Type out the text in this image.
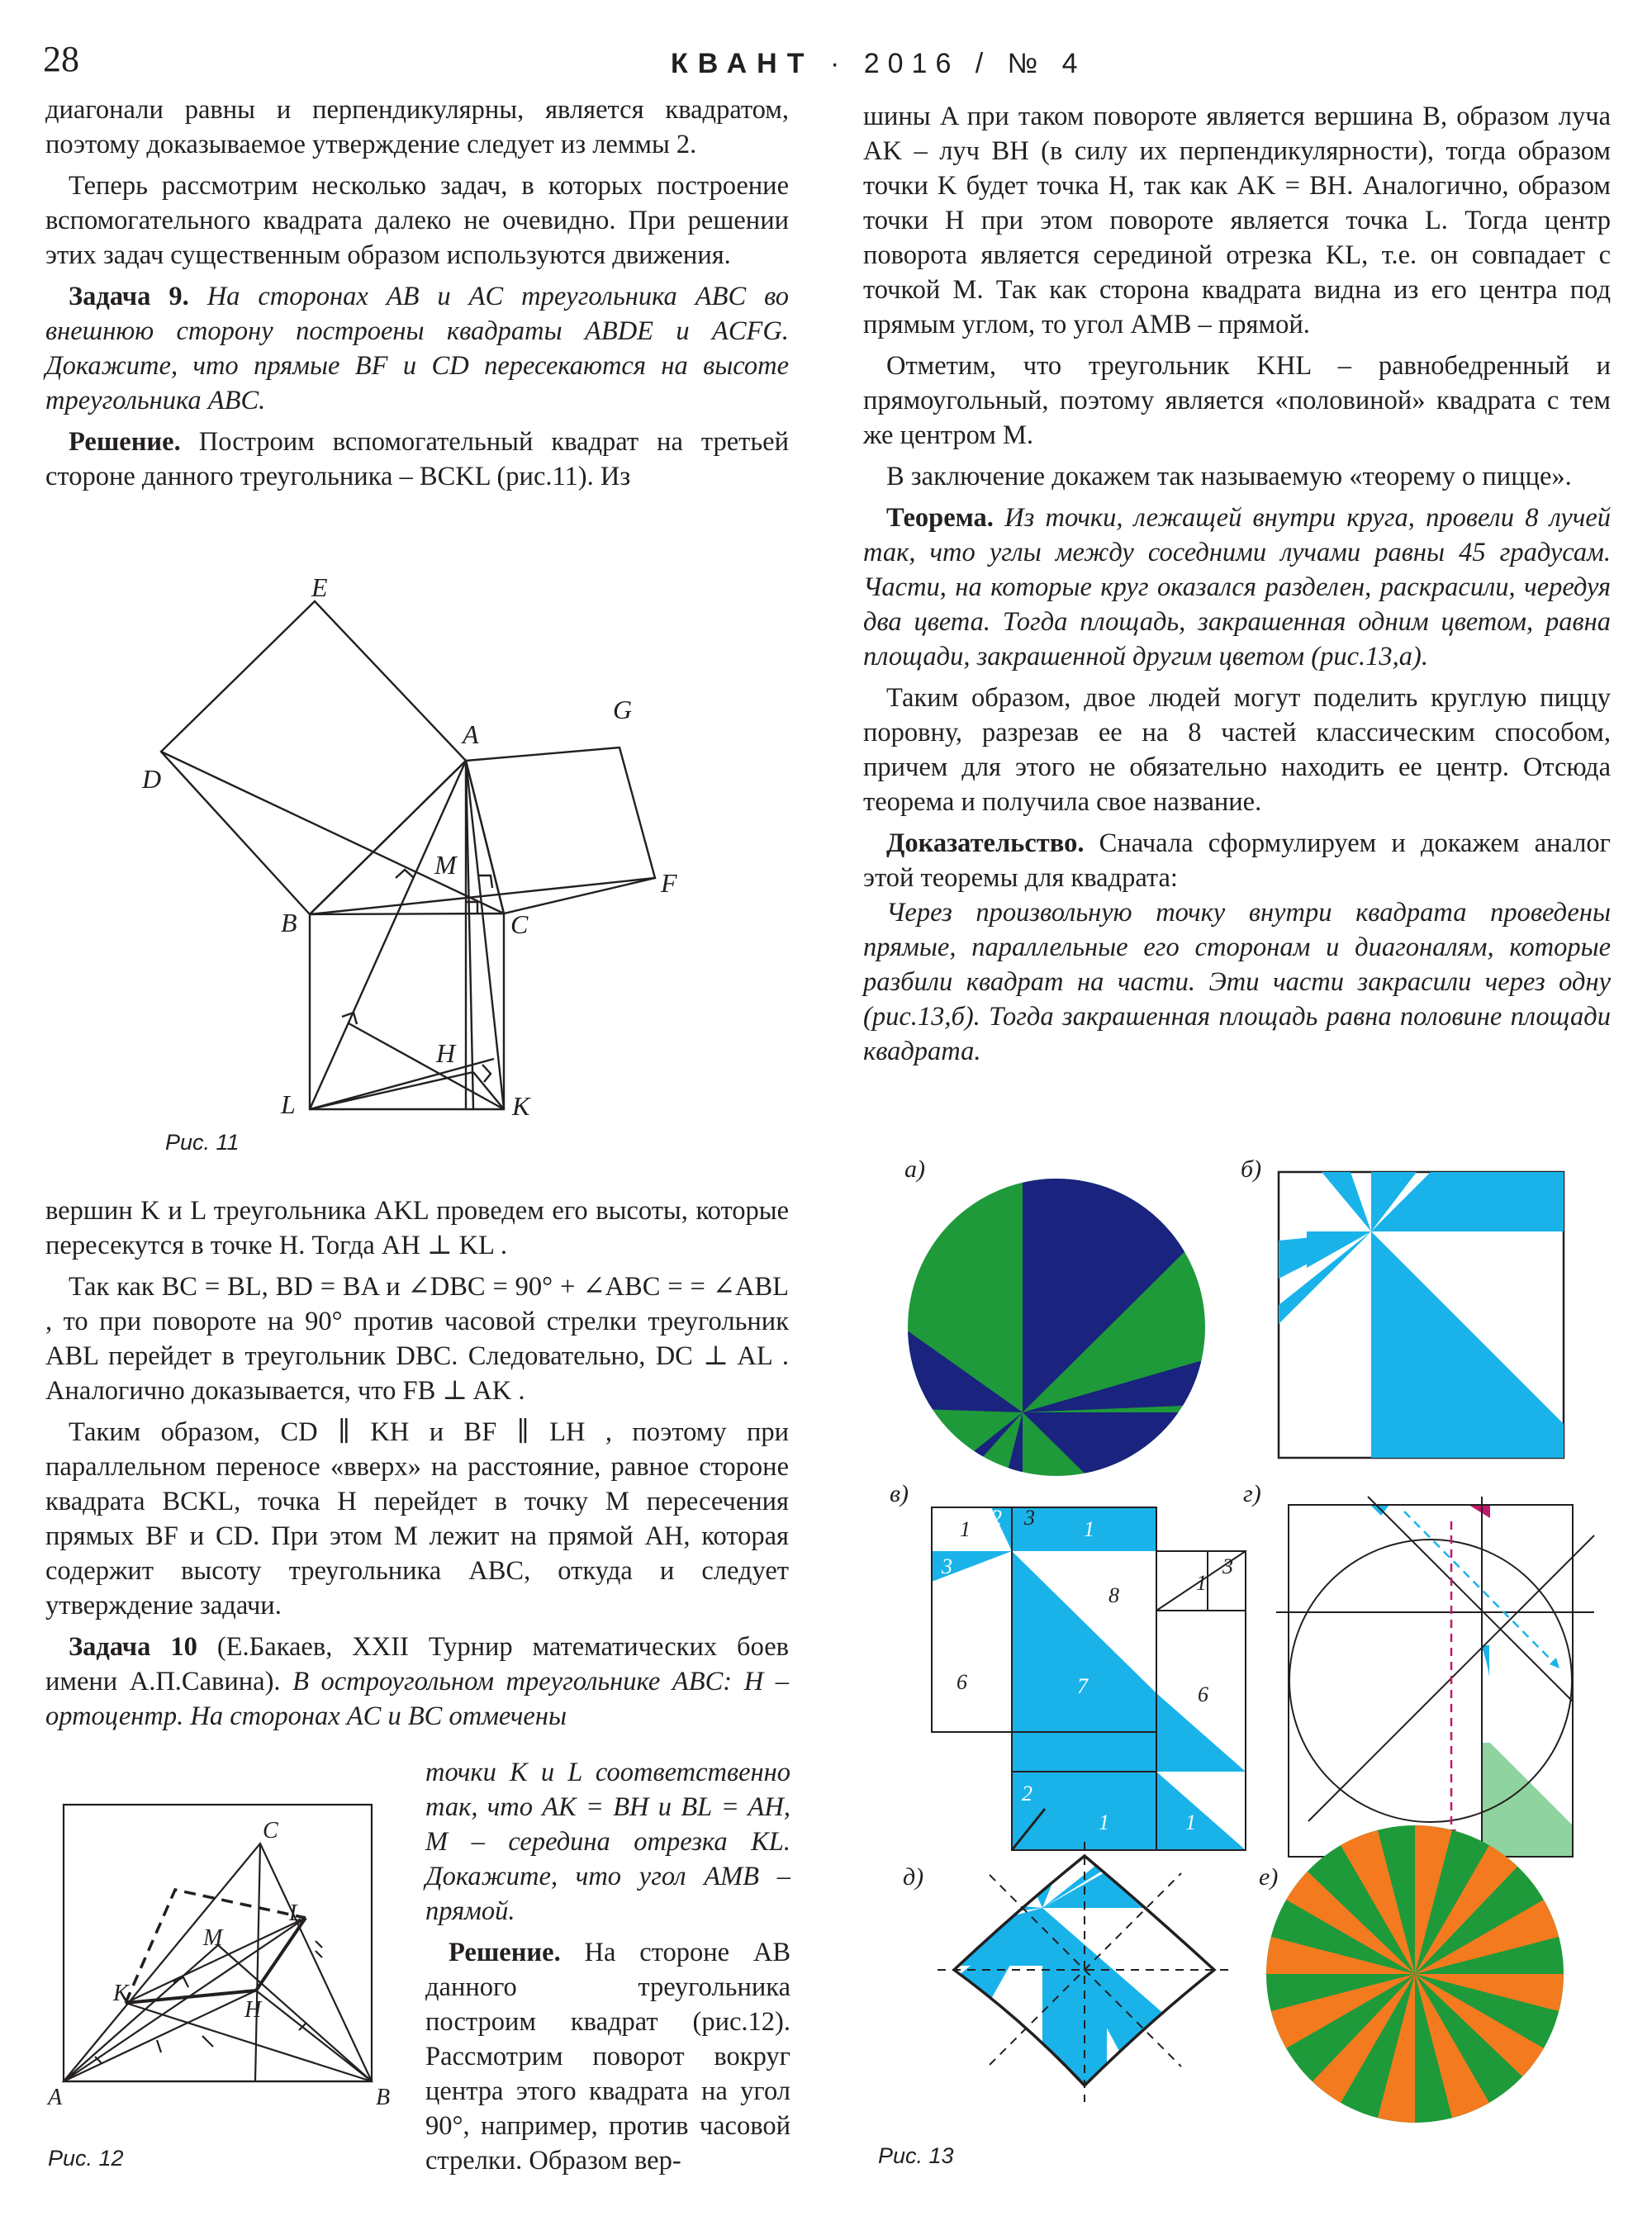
28	КВАНТ · 2016 / № 4

диагонали равны и перпендикулярны, является квадратом, поэтому доказываемое утверждение следует из леммы 2.

Теперь рассмотрим несколько задач, в которых построение вспомогательного квадрата далеко не очевидно. При решении этих задач существенным образом используются движения.

Задача 9. На сторонах AB и AC треугольника ABC во внешнюю сторону построены квадраты ABDE и ACFG. Докажите, что прямые BF и CD пересекаются на высоте треугольника ABC.

Решение. Построим вспомогательный квадрат на третьей стороне данного треугольника – BCKL (рис.11). Из

E
G
A
D
M
F
B	C
H
L	K
Рис. 11

вершин K и L треугольника AKL проведем его высоты, которые пересекутся в точке H. Тогда AH ⊥ KL .

Так как BC = BL, BD = BA и ∠DBC = 90° + ∠ABC = = ∠ABL , то при повороте на 90° против часовой стрелки треугольник ABL перейдет в треугольник DBC. Следовательно, DC ⊥ AL . Аналогично доказывается, что FB ⊥ AK .

Таким образом, CD ∥ KH и BF ∥ LH , поэтому при параллельном переносе «вверх» на расстояние, равное стороне квадрата BCKL, точка H перейдет в точку M пересечения прямых BF и CD. При этом M лежит на прямой AH, которая содержит высоту треугольника ABC, откуда и следует утверждение задачи.

Задача 10 (Е.Бакаев, XXII Турнир математических боев имени А.П.Савина). В остроугольном треугольнике ABC: H – ортоцентр. На сторонах AC и BC отмечены

C
L
M
K
H
A	B
Рис. 12

точки K и L соответственно так, что AK = BH и BL = AH, M – середина отрезка KL. Докажите, что угол AMB – прямой.

Решение. На стороне AB данного треугольника построим квадрат (рис.12). Рассмотрим поворот вокруг центра этого квадрата на угол 90°, например, против часовой стрелки. Образом вер-

шины A при таком повороте является вершина B, образом луча AK – луч BH (в силу их перпендикулярности), тогда образом точки K будет точка H, так как AK = BH. Аналогично, образом точки H при этом повороте является точка L. Тогда центр поворота является серединой отрезка KL, т.е. он совпадает с точкой M. Так как сторона квадрата видна из его центра под прямым углом, то угол AMB – прямой.

Отметим, что треугольник KHL – равнобедренный и прямоугольный, поэтому является «половиной» квадрата с тем же центром M.

В заключение докажем так называемую «теорему о пицце».

Теорема. Из точки, лежащей внутри круга, провели 8 лучей так, что углы между соседними лучами равны 45 градусам. Части, на которые круг оказался разделен, раскрасили, чередуя два цвета. Тогда площадь, закрашенная одним цветом, равна площади, закрашенной другим цветом (рис.13,а).

Таким образом, двое людей могут поделить круглую пиццу поровну, разрезав ее на 8 частей классическим способом, причем для этого не обязательно находить ее центр. Отсюда теорема и получила свое название.

Доказательство. Сначала сформулируем и докажем аналог этой теоремы для квадрата:

Через произвольную точку внутри квадрата проведены прямые, параллельные его сторонам и диагоналям, которые разбили квадрат на части. Эти части закрасили через одну (рис.13,б). Тогда закрашенная площадь равна половине площади квадрата.

а)	б)
в)	г)
д)	е)
1 2 3 1
3
8
1
3
6
6	7
2
1	1
Рис. 13
